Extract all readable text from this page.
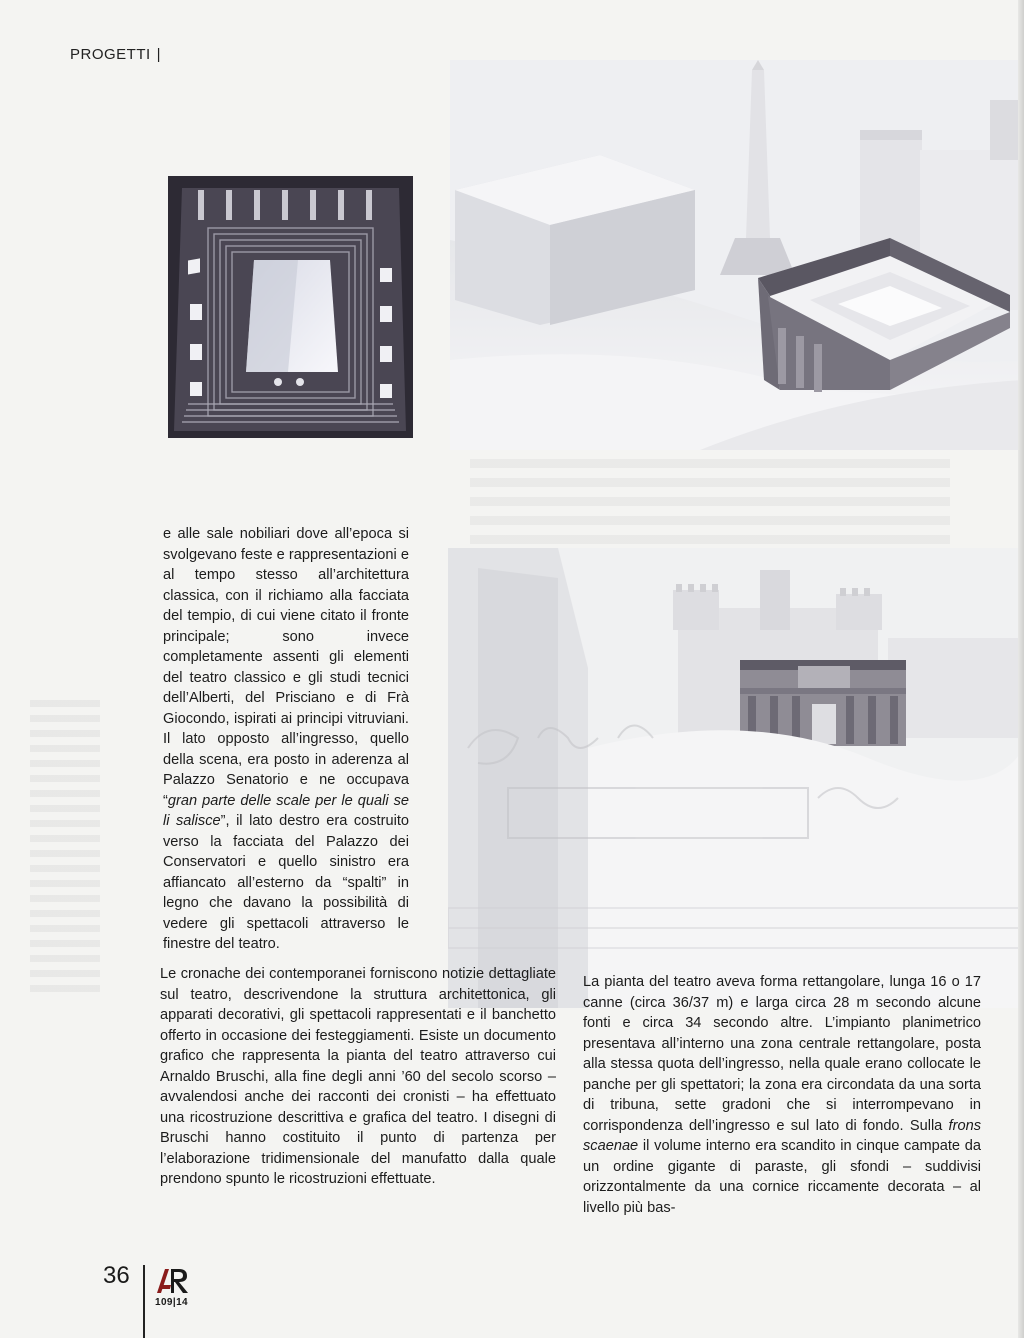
PROGETTI |

e alle sale nobiliari dove all’epoca si svolgevano feste e rappresentazioni e al tempo stesso all’architettura classica, con il richiamo alla facciata del tempio, di cui viene citato il fronte principale; sono invece completamente assenti gli elementi del teatro classico e gli studi tecnici dell’Alberti, del Prisciano e di Frà Giocondo, ispirati ai principi vitruviani. Il lato opposto all’ingresso, quello della scena, era posto in aderenza al Palazzo Senatorio e ne occupava “gran parte delle scale per le quali se li salisce”, il lato destro era costruito verso la facciata del Palazzo dei Conservatori e quello sinistro era affiancato all’esterno da “spalti” in legno che davano la possibilità di vedere gli spettacoli attraverso le finestre del teatro.

Le cronache dei contemporanei forniscono notizie dettagliate sul teatro, descrivendone la struttura architettonica, gli apparati decorativi, gli spettacoli rappresentati e il banchetto offerto in occasione dei festeggiamenti. Esiste un documento grafico che rappresenta la pianta del teatro attraverso cui Arnaldo Bruschi, alla fine degli anni ’60 del secolo scorso – avvalendosi anche dei racconti dei cronisti – ha effettuato una ricostruzione descrittiva e grafica del teatro. I disegni di Bruschi hanno costituito il punto di partenza per l’elaborazione tridimensionale del manufatto dalla quale prendono spunto le ricostruzioni effettuate.

La pianta del teatro aveva forma rettangolare, lunga 16 o 17 canne (circa 36/37 m) e larga circa 28 m secondo alcune fonti e circa 34 secondo altre. L’impianto planimetrico presentava all’interno una zona centrale rettangolare, posta alla stessa quota dell’ingresso, nella quale erano collocate le panche per gli spettatori; la zona era circondata da una sorta di tribuna, sette gradoni che si interrompevano in corrispondenza dell’ingresso e sul lato di fondo. Sulla frons scaenae il volume interno era scandito in cinque campate da un ordine gigante di paraste, gli sfondi – suddivisi orizzontalmente da una cornice riccamente decorata – al livello più bas-

36
109|14
